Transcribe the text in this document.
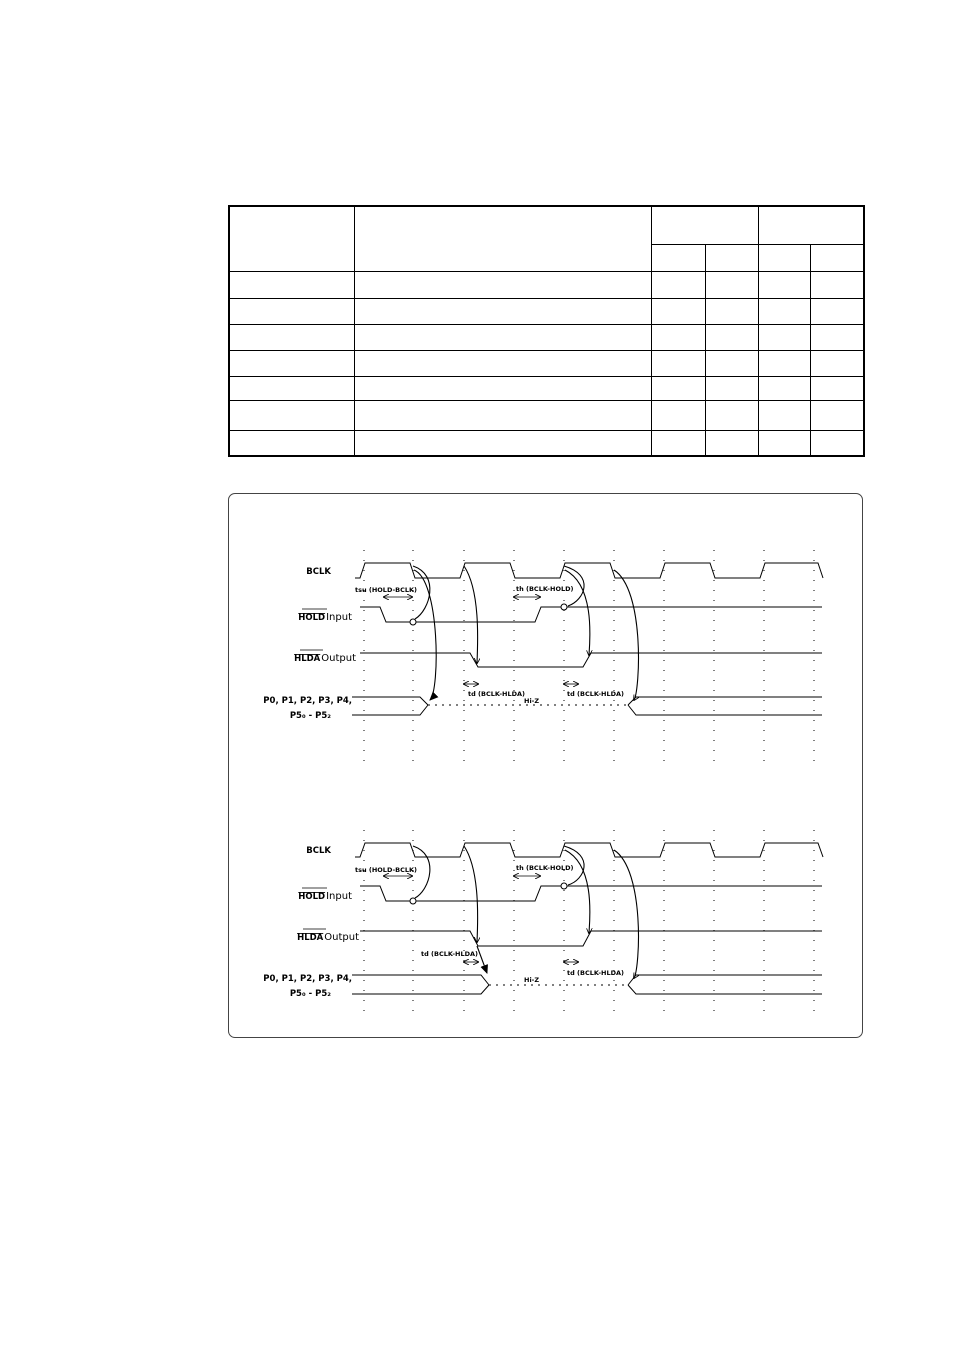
BCLK
HOLDInput
HLDAOutput
P0, P1, P2, P3, P4,
P5₀ - P5₂
tsu (HOLD-BCLK)	th (BCLK-HOLD)
td (BCLK-HLDA)	td (BCLK-HLDA)
Hi-Z
BCLK
HOLDInput
HLDAOutput
P0, P1, P2, P3, P4,
P5₀ - P5₂
tsu (HOLD-BCLK)	th (BCLK-HOLD)
td (BCLK-HLDA)
td (BCLK-HLDA)
Hi-Z
